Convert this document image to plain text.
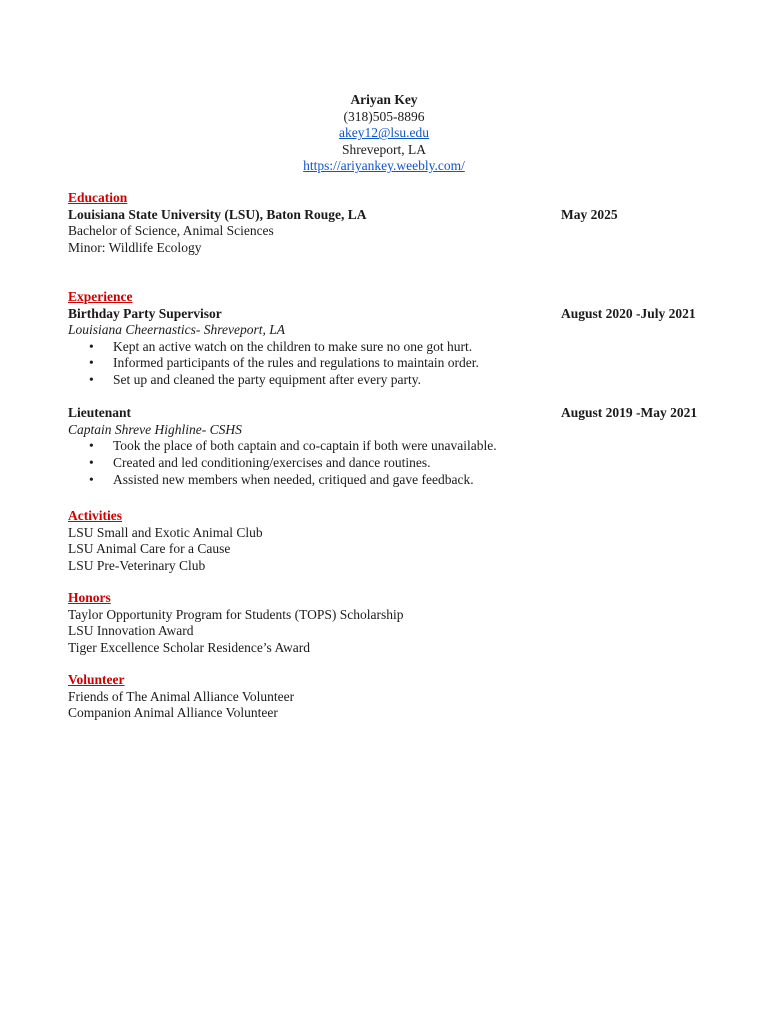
Ariyan Key
(318)505-8896
akey12@lsu.edu
Shreveport, LA
https://ariyankey.weebly.com/
Education
Louisiana State University (LSU), Baton Rouge, LA	May 2025
Bachelor of Science, Animal Sciences
Minor: Wildlife Ecology
Experience
Birthday Party Supervisor	August 2020 -July 2021
Louisiana Cheernastics- Shreveport, LA
• Kept an active watch on the children to make sure no one got hurt.
• Informed participants of the rules and regulations to maintain order.
• Set up and cleaned the party equipment after every party.
Lieutenant	August 2019 -May 2021
Captain Shreve Highline- CSHS
• Took the place of both captain and co-captain if both were unavailable.
• Created and led conditioning/exercises and dance routines.
• Assisted new members when needed, critiqued and gave feedback.
Activities
LSU Small and Exotic Animal Club
LSU Animal Care for a Cause
LSU Pre-Veterinary Club
Honors
Taylor Opportunity Program for Students (TOPS) Scholarship
LSU Innovation Award
Tiger Excellence Scholar Residence’s Award
Volunteer
Friends of The Animal Alliance Volunteer
Companion Animal Alliance Volunteer
